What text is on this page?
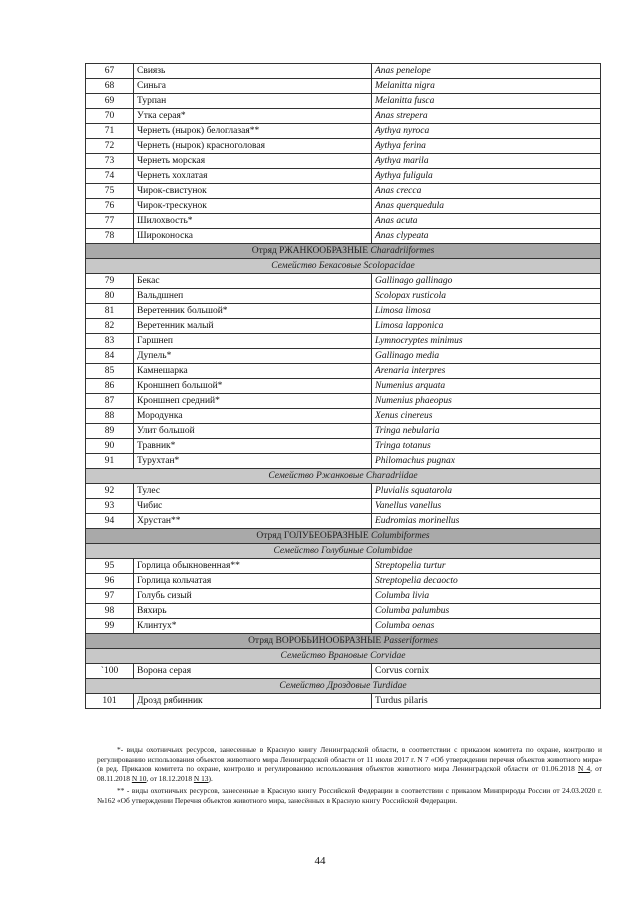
67	Свиязь	Anas penelope
68	Синьга	Melanitta nigra
69	Турпан	Melanitta fusca
70	Утка серая*	Anas strepera
71	Чернеть (нырок) белоглазая**	Aythya nyroca
72	Чернеть (нырок) красноголовая	Aythya ferina
73	Чернеть морская	Aythya marila
74	Чернеть хохлатая	Aythya fuligula
75	Чирок-свистунок	Anas crecca
76	Чирок-трескунок	Anas querquedula
77	Шилохвость*	Anas acuta
78	Широконоска	Anas clypeata
Отряд РЖАНКООБРАЗНЫЕ Charadriiformes		
Семейство Бекасовые Scolopacidae		
79	Бекас	Gallinago gallinago
80	Вальдшнеп	Scolopax rusticola
81	Веретенник большой*	Limosa limosa
82	Веретенник малый	Limosa lapponica
83	Гаршнеп	Lymnocryptes minimus
84	Дупель*	Gallinago media
85	Камнешарка	Arenaria interpres
86	Кроншнеп большой*	Numenius arquata
87	Кроншнеп средний*	Numenius phaeopus
88	Мородунка	Xenus cinereus
89	Улит большой	Tringa nebularia
90	Травник*	Tringa totanus
91	Турухтан*	Philomachus pugnax
Семейство Ржанковые Charadriidae		
92	Тулес	Pluvialis squatarola
93	Чибис	Vanellus vanellus
94	Хрустан**	Eudromias morinellus
Отряд ГОЛУБЕОБРАЗНЫЕ Columbiformes		
Семейство Голубиные Columbidae		
95	Горлица обыкновенная**	Streptopelia turtur
96	Горлица кольчатая	Streptopelia decaocto
97	Голубь сизый	Columba livia
98	Вяхирь	Columba palumbus
99	Клинтух*	Columba oenas
Отряд ВОРОБЬИНООБРАЗНЫЕ Passeriformes		
Семейство Врановые Corvidae		
`100	Ворона серая	Corvus cornix
Семейство Дроздовые Turdidae		
101	Дрозд рябинник	Turdus pilaris
*- виды охотничьих ресурсов, занесенные в Красную книгу Ленинградской области, в соответствии с приказом комитета по охране, контролю и регулированию использования объектов животного мира Ленинградской области от 11 июля 2017 г. N 7 «Об утверждении перечня объектов животного мира» (в ред. Приказов комитета по охране, контролю и регулированию использования объектов животного мира Ленинградской области от 01.06.2018 N 4, от 08.11.2018 N 10, от 18.12.2018 N 13).
** - виды охотничьих ресурсов, занесенные в Красную книгу Российской Федерации в соответствии с приказом Минприроды России от 24.03.2020 г. №162 «Об утверждении Перечня объектов животного мира, занесённых в Красную книгу Российской Федерации.
44
